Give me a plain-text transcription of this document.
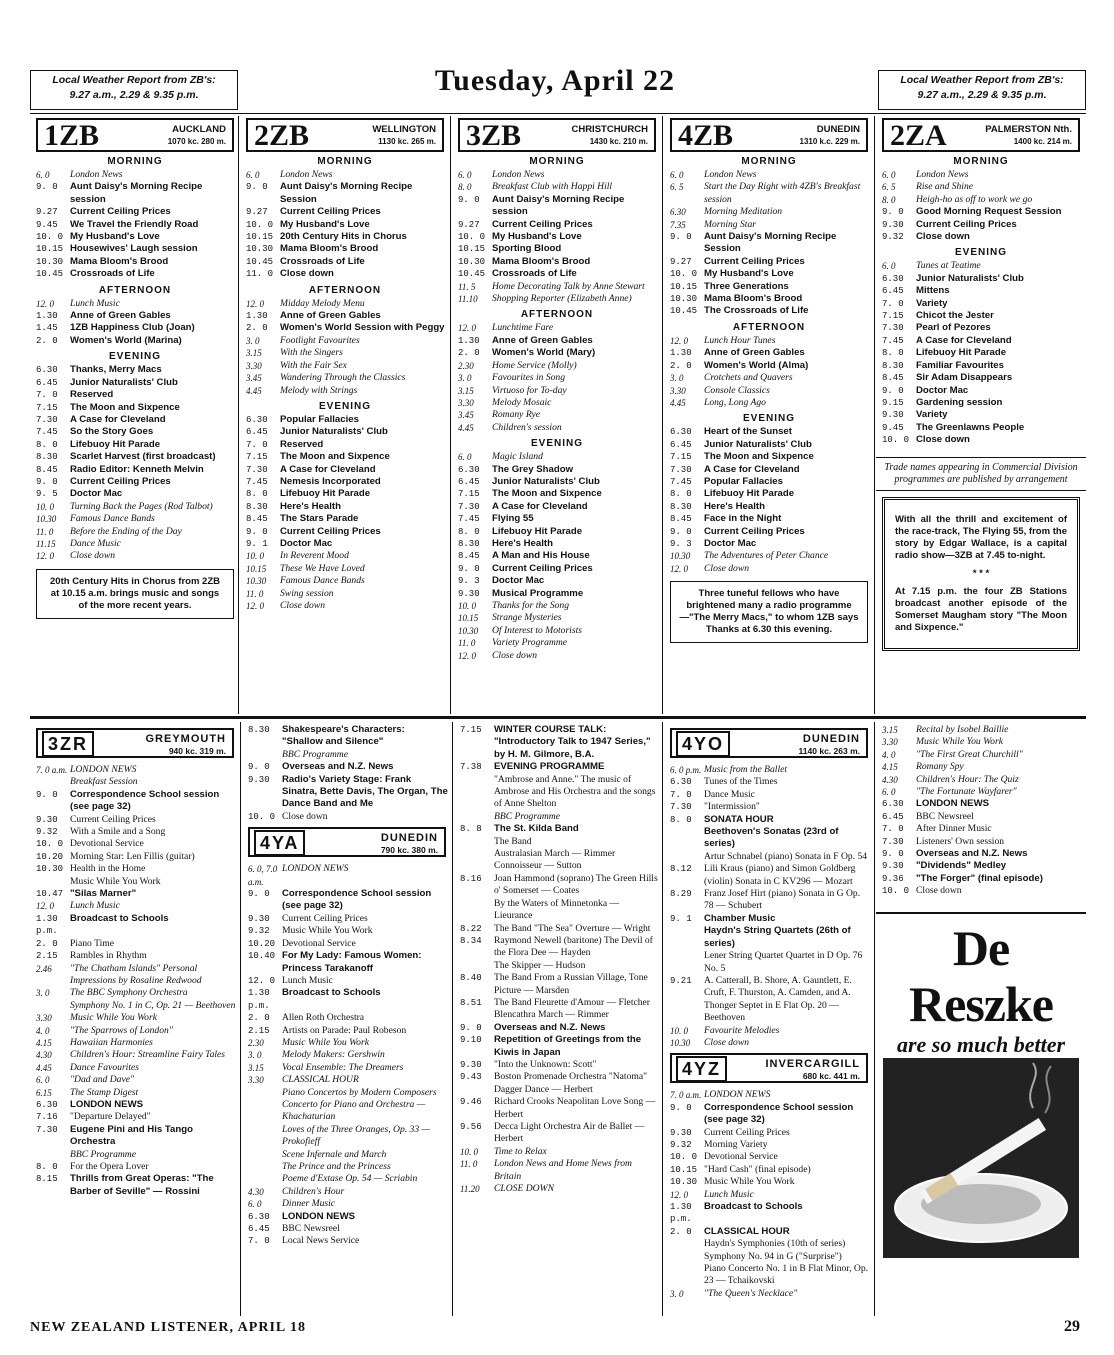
Local Weather Report from ZB's:
9.27 a.m., 2.29 & 9.35 p.m.	Tuesday, April 22	Local Weather Report from ZB's:
9.27 a.m., 2.29 & 9.35 p.m.
1ZB	AUCKLAND
1070 kc. 280 m.
MORNING
6. 0	London News
9. 0	Aunt Daisy's Morning Recipe session
9.27	Current Ceiling Prices
9.45	We Travel the Friendly Road
10. 0 My Husband's Love
10.15 Housewives' Laugh session
10.30 Mama Bloom's Brood
10.45 Crossroads of Life
AFTERNOON
12. 0	Lunch Music
1.30	Anne of Green Gables
1.45	1ZB Happiness Club (Joan)
2. 0	Women's World (Marina)
EVENING
6.30	Thanks, Merry Macs
6.45	Junior Naturalists' Club
7. 0	Reserved
7.15	The Moon and Sixpence
7.30	A Case for Cleveland
7.45	So the Story Goes
8. 0	Lifebuoy Hit Parade
8.30	Scarlet Harvest (first broadcast)
8.45	Radio Editor: Kenneth Melvin
9. 0	Current Ceiling Prices
9. 5	Doctor Mac
10. 0	Turning Back the Pages (Rod Talbot)
10.30	Famous Dance Bands
11. 0	Before the Ending of the Day
11.15	Dance Music
12. 0	Close down
20th Century Hits in Chorus from 2ZB at 10.15 a.m. brings music and songs of the more recent years.
2ZB	WELLINGTON
1130 kc. 265 m.
MORNING
6. 0	London News
9. 0	Aunt Daisy's Morning Recipe Session
9.27	Current Ceiling Prices
10. 0 My Husband's Love
10.15 20th Century Hits in Chorus
10.30 Mama Bloom's Brood
10.45 Crossroads of Life
11. 0 Close down
AFTERNOON
12. 0	Midday Melody Menu
1.30	Anne of Green Gables
2. 0	Women's World Session with Peggy
3. 0	Footlight Favourites
3.15	With the Singers
3.30	With the Fair Sex
3.45	Wandering Through the Classics
4.45	Melody with Strings
EVENING
6.30	Popular Fallacies
6.45	Junior Naturalists' Club
7. 0	Reserved
7.15	The Moon and Sixpence
7.30	A Case for Cleveland
7.45	Nemesis Incorporated
8. 0	Lifebuoy Hit Parade
8.30	Here's Health
8.45	The Stars Parade
9. 0	Current Ceiling Prices
9. 1	Doctor Mac
10. 0	In Reverent Mood
10.15	These We Have Loved
10.30	Famous Dance Bands
11. 0	Swing session
12. 0	Close down
3ZB	CHRISTCHURCH
1430 kc. 210 m.
MORNING
6. 0	London News
8. 0	Breakfast Club with Happi Hill
9. 0	Aunt Daisy's Morning Recipe session
9.27	Current Ceiling Prices
10. 0 My Husband's Love
10.15 Sporting Blood
10.30 Mama Bloom's Brood
10.45 Crossroads of Life
11. 5	Home Decorating Talk by Anne Stewart
11.10	Shopping Reporter (Elizabeth Anne)
AFTERNOON
12. 0	Lunchtime Fare
1.30	Anne of Green Gables
2. 0	Women's World (Mary)
2.30	Home Service (Molly)
3. 0	Favourites in Song
3.15	Virtuoso for To-day
3.30	Melody Mosaic
3.45	Romany Rye
4.45	Children's session
EVENING
6. 0	Magic Island
6.30	The Grey Shadow
6.45	Junior Naturalists' Club
7.15	The Moon and Sixpence
7.30	A Case for Cleveland
7.45	Flying 55
8. 0	Lifebuoy Hit Parade
8.30	Here's Health
8.45	A Man and His House
9. 0	Current Ceiling Prices
9. 3	Doctor Mac
9.30	Musical Programme
10. 0	Thanks for the Song
10.15	Strange Mysteries
10.30	Of Interest to Motorists
11. 0	Variety Programme
12. 0	Close down
4ZB	DUNEDIN
1310 k.c. 229 m.
MORNING
6. 0	London News
6. 5	Start the Day Right with 4ZB's Breakfast session
6.30	Morning Meditation
7.35	Morning Star
9. 0	Aunt Daisy's Morning Recipe Session
9.27	Current Ceiling Prices
10. 0 My Husband's Love
10.15 Three Generations
10.30 Mama Bloom's Brood
10.45 The Crossroads of Life
AFTERNOON
12. 0	Lunch Hour Tunes
1.30	Anne of Green Gables
2. 0	Women's World (Alma)
3. 0	Crotchets and Quavers
3.30	Console Classics
4.45	Long, Long Ago
EVENING
6.30	Heart of the Sunset
6.45	Junior Naturalists' Club
7.15	The Moon and Sixpence
7.30	A Case for Cleveland
7.45	Popular Fallacies
8. 0	Lifebuoy Hit Parade
8.30	Here's Health
8.45	Face in the Night
9. 0	Current Ceiling Prices
9. 3	Doctor Mac
10.30	The Adventures of Peter Chance
12. 0	Close down
Three tuneful fellows who have brightened many a radio programme—"The Merry Macs," to whom 1ZB says Thanks at 6.30 this evening.
2ZA	PALMERSTON Nth.
1400 kc. 214 m.
MORNING
6. 0	London News
6. 5	Rise and Shine
8. 0	Heigh-ho as off to work we go
9. 0	Good Morning Request Session
9.30	Current Ceiling Prices
9.32	Close down
EVENING
6. 0	Tunes at Teatime
6.30	Junior Naturalists' Club
6.45	Mittens
7. 0	Variety
7.15	Chicot the Jester
7.30	Pearl of Pezores
7.45	A Case for Cleveland
8. 0	Lifebuoy Hit Parade
8.30	Familiar Favourites
8.45	Sir Adam Disappears
9. 0	Doctor Mac
9.15	Gardening session
9.30	Variety
9.45	The Greenlawns People
10. 0 Close down
Trade names appearing in Commercial Division programmes are published by arrangement
With all the thrill and excitement of the race-track, The Flying 55, from the story by Edgar Wallace, is a capital radio show—3ZB at 7.45 to-night.
* * *
At 7.15 p.m. the four ZB Stations broadcast another episode of the Somerset Maugham story "The Moon and Sixpence."
3ZR	GREYMOUTH
940 kc. 319 m.
7. 0 a.m. LONDON NEWS
Breakfast Session
9. 0	Correspondence School session (see page 32)
9.30	Current Ceiling Prices
9.32	With a Smile and a Song
10. 0 Devotional Service
10.20 Morning Star: Len Fillis (guitar)
10.30 Health in the Home
Music While You Work
10.47 "Silas Marner"
12. 0	Lunch Music
1.30 p.m.
Broadcast to Schools
2. 0	Piano Time
2.15	Rambles in Rhythm
2.46	"The Chatham Islands" Personal Impressions by Rosaline Redwood
3. 0	The BBC Symphony Orchestra
Symphony No. 1 in C, Op. 21 — Beethoven
3.30	Music While You Work
4. 0	"The Sparrows of London"
4.15	Hawaiian Harmonies
4.30	Children's Hour: Streamline Fairy Tales
4.45	Dance Favourites
6. 0	"Dad and Dave"
6.15	The Stamp Digest
6.30	LONDON NEWS
7.16	"Departure Delayed"
7.30	Eugene Pini and His Tango Orchestra
BBC Programme
8. 0	For the Opera Lover
8.15	Thrills from Great Operas: "The Barber of Seville" — Rossini
8.30	Shakespeare's Characters: "Shallow and Silence"
BBC Programme
9. 0	Overseas and N.Z. News
9.30	Radio's Variety Stage: Frank Sinatra, Bette Davis, The Organ, The Dance Band and Me
10. 0 Close down
4YA	DUNEDIN
790 kc. 380 m.
6. 0, 7.0 a.m.
LONDON NEWS
9. 0	Correspondence School session (see page 32)
9.30	Current Ceiling Prices
9.32	Music While You Work
10.20 Devotional Service
10.40 For My Lady: Famous Women: Princess Tarakanoff
12. 0 Lunch Music
1.30 p.m.
Broadcast to Schools
2. 0	Allen Roth Orchestra
2.15	Artists on Parade: Paul Robeson
2.30	Music While You Work
3. 0	Melody Makers: Gershwin
3.15	Vocal Ensemble: The Dreamers
3.30	CLASSICAL HOUR
Piano Concertos by Modern Composers
Concerto for Piano and Orchestra — Khachaturian
Loves of the Three Oranges, Op. 33 — Prokofieff
Scene Infernale and March
The Prince and the Princess
Poeme d'Extase Op. 54 — Scriabin
4.30	Children's Hour
6. 0	Dinner Music
6.30	LONDON NEWS
6.45	BBC Newsreel
7. 0	Local News Service
7.15	WINTER COURSE TALK: "Introductory Talk to 1947 Series," by H. M. Gilmore, B.A.
7.38	EVENING PROGRAMME
"Ambrose and Anne." The music of Ambrose and His Orchestra and the songs of Anne Shelton
BBC Programme
8. 8	The St. Kilda Band
The Band
Australasian March — Rimmer
Connoisseur — Sutton
8.16	Joan Hammond (soprano) The Green Hills o' Somerset — Coates
By the Waters of Minnetonka — Lieurance
8.22	The Band "The Sea" Overture — Wright
8.34	Raymond Newell (baritone) The Devil of the Flora Dee — Hayden
The Skipper — Hudson
8.40	The Band From a Russian Village, Tone Picture — Marsden
8.51	The Band Fleurette d'Amour — Fletcher
Blencathra March — Rimmer
9. 0	Overseas and N.Z. News
9.10	Repetition of Greetings from the Kiwis in Japan
9.30	"Into the Unknown: Scott"
9.43	Boston Promenade Orchestra "Natoma" Dagger Dance — Herbert
9.46	Richard Crooks Neapolitan Love Song — Herbert
9.56	Decca Light Orchestra Air de Ballet — Herbert
10. 0	Time to Relax
11. 0	London News and Home News from Britain
11.20	CLOSE DOWN
4YO	DUNEDIN
1140 kc. 263 m.
6. 0 p.m. Music from the Ballet
6.30	Tunes of the Times
7. 0	Dance Music
7.30	"Intermission"
8. 0	SONATA HOUR
Beethoven's Sonatas (23rd of series)
Artur Schnabel (piano) Sonata in F Op. 54
8.12	Lili Kraus (piano) and Simon Goldberg (violin) Sonata in C KV296 — Mozart
8.29	Franz Josef Hirt (piano) Sonata in G Op. 78 — Schubert
9. 1	Chamber Music
Haydn's String Quartets (26th of series)
Lener String Quartet Quartet in D Op. 76 No. 5
9.21	A. Catterall, B. Shore, A. Gauntlett, E. Cruft, F. Thurston, A. Camden, and A. Thonger Septet in E Flat Op. 20 — Beethoven
10. 0	Favourite Melodies
10.30	Close down
4YZ	INVERCARGILL
680 kc. 441 m.
7. 0 a.m. LONDON NEWS
9. 0	Correspondence School session (see page 32)
9.30	Current Ceiling Prices
9.32	Morning Variety
10. 0 Devotional Service
10.15 "Hard Cash" (final episode)
10.30 Music While You Work
12. 0	Lunch Music
1.30 p.m.
Broadcast to Schools
2. 0	CLASSICAL HOUR
Haydn's Symphonies (10th of series) Symphony No. 94 in G ("Surprise")
Piano Concerto No. 1 in B Flat Minor, Op. 23 — Tchaikovski
3. 0	"The Queen's Necklace"
3.15	Recital by Isobel Baillie
3.30	Music While You Work
4. 0	"The First Great Churchill"
4.15	Romany Spy
4.30	Children's Hour: The Quiz
6. 0	"The Fortunate Wayfarer"
6.30	LONDON NEWS
6.45	BBC Newsreel
7. 0	After Dinner Music
7.30	Listeners' Own session
9. 0	Overseas and N.Z. News
9.30	"Dividends" Medley
9.36	"The Forger" (final episode)
10. 0 Close down
De Reszke
are so much better
NEW ZEALAND LISTENER, APRIL 18	29
